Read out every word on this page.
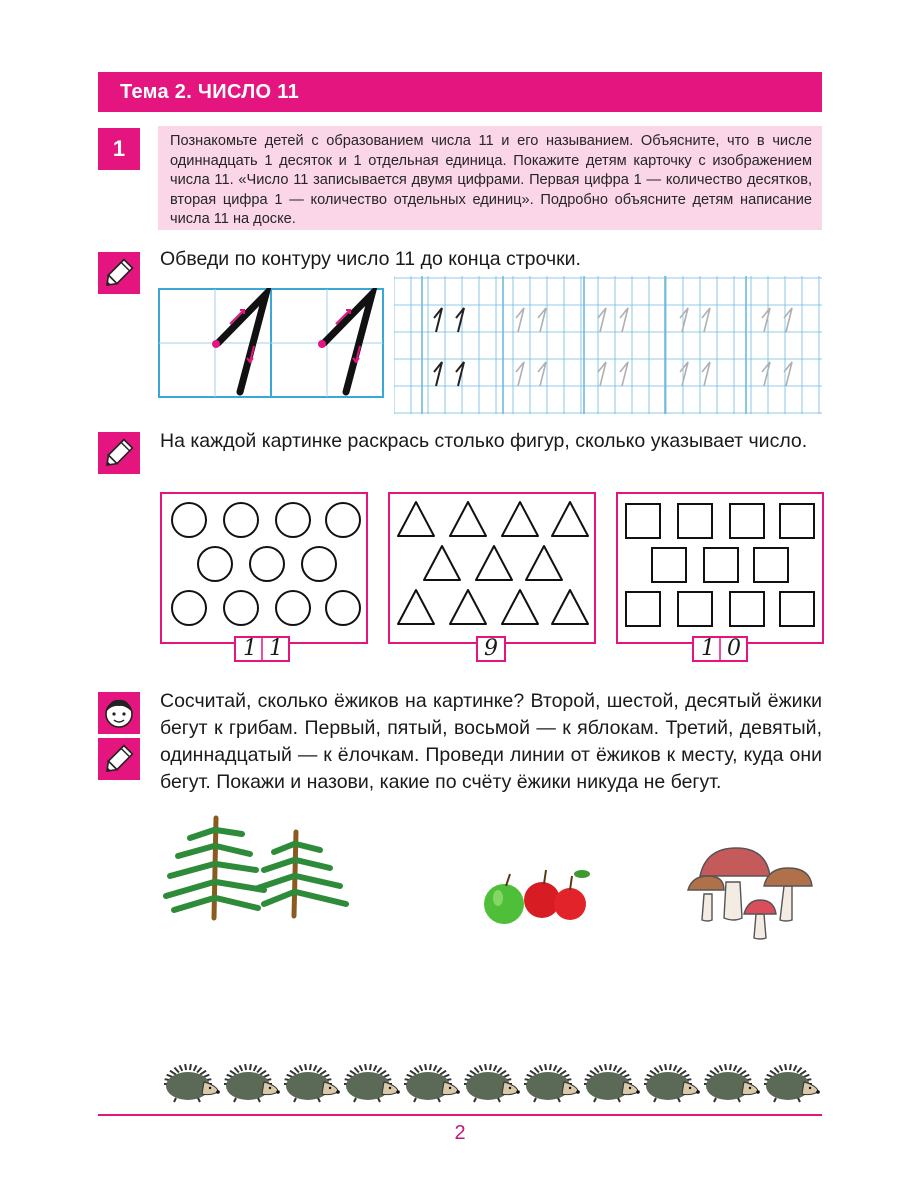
Тема 2. ЧИСЛО 11
1	Познакомьте детей с образованием числа 11 и его называнием. Объясните, что в числе одиннадцать 1 десяток и 1 отдельная единица. Покажите детям карточку с изображением числа 11. «Число 11 записывается двумя цифрами. Первая цифра 1 — количество десятков, вторая цифра 1 — количество отдельных единиц». Подробно объясните детям написание числа 11 на доске.
Обведи по контуру число 11 до конца строчки.
На каждой картинке раскрась столько фигур, сколько указывает число.
1 1	9	1 0
Сосчитай, сколько ёжиков на картинке? Второй, шестой, десятый ёжики бегут к грибам. Первый, пятый, восьмой — к яблокам. Третий, девятый, одиннадцатый — к ёлочкам. Проведи линии от ёжиков к месту, куда они бегут. Покажи и назови, какие по счёту ёжики никуда не бегут.
2
